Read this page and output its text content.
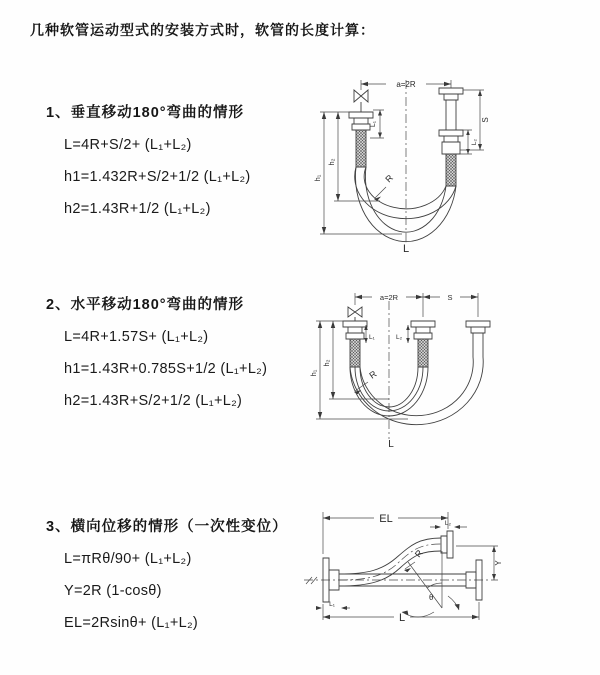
几种软管运动型式的安装方式时，软管的长度计算：
1、垂直移动180°弯曲的情形
L=4R+S/2+ (L₁+L₂)
h1=1.432R+S/2+1/2 (L₁+L₂)
h2=1.43R+1/2 (L₁+L₂)
2、水平移动180°弯曲的情形
L=4R+1.57S+ (L₁+L₂)
h1=1.43R+0.785S+1/2 (L₁+L₂)
h2=1.43R+S/2+1/2 (L₁+L₂)
3、横向位移的情形（一次性变位）
L=πRθ/90+ (L₁+L₂)
Y=2R (1-cosθ)
EL=2Rsinθ+ (L₁+L₂)
a=2R
h₁
h₂
L₁
S
L₂
R
L
a=2R	S
h₁
h₂
L₁	L₂
R
L
EL	L₂
Y
R
θ
L₁
L
